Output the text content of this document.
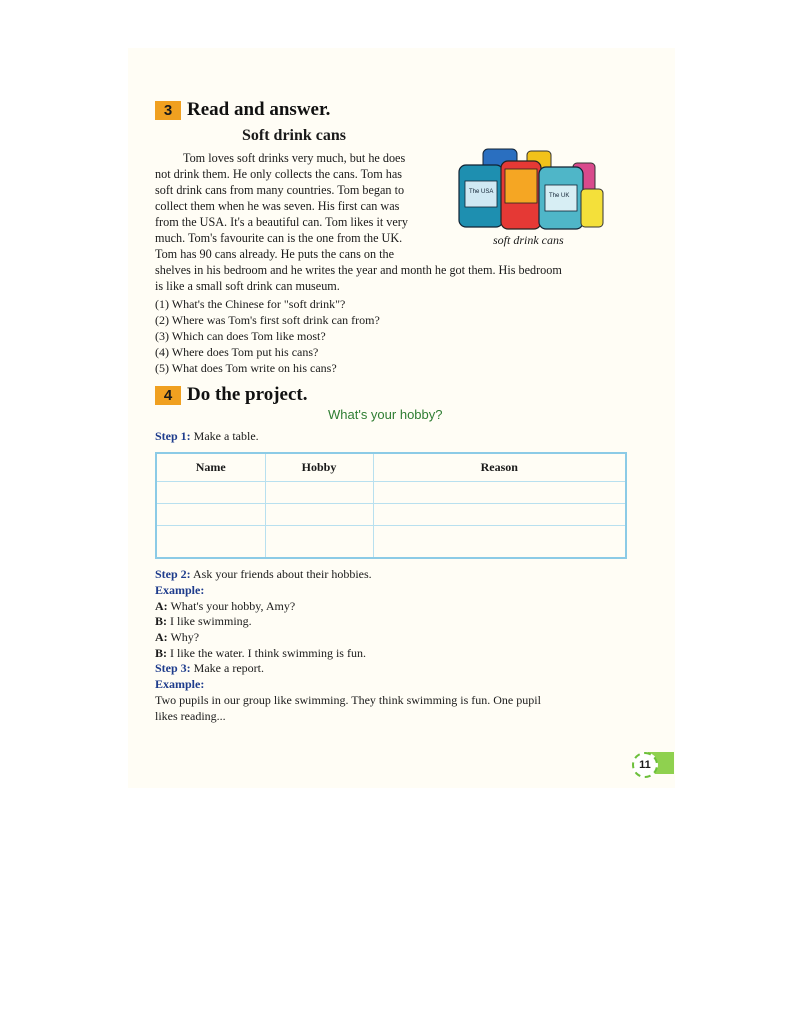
3 Read and answer.
Soft drink cans

Tom loves soft drinks very much, but he does

not drink them. He only collects the cans. Tom has

soft drink cans from many countries. Tom began to

collect them when he was seven. His first can was

from the USA. It's a beautiful can. Tom likes it very

much. Tom's favourite can is the one from the UK.

Tom has 90 cans already. He puts the cans on the

The USA
The UK
soft drink cans

shelves in his bedroom and he writes the year and month he got them. His bedroom

is like a small soft drink can museum.

(1) What's the Chinese for "soft drink"?
(2) Where was Tom's first soft drink can from?
(3) Which can does Tom like most?
(4) Where does Tom put his cans?
(5) What does Tom write on his cans?
4 Do the project.
What's your hobby?
Step 1: Make a table.
Name	Hobby	Reason

Step 2: Ask your friends about their hobbies.
Example:
A: What's your hobby, Amy?
B: I like swimming.
A: Why?
B: I like the water. I think swimming is fun.
Step 3: Make a report.
Example:
Two pupils in our group like swimming. They think swimming is fun. One pupil
likes reading...
11
